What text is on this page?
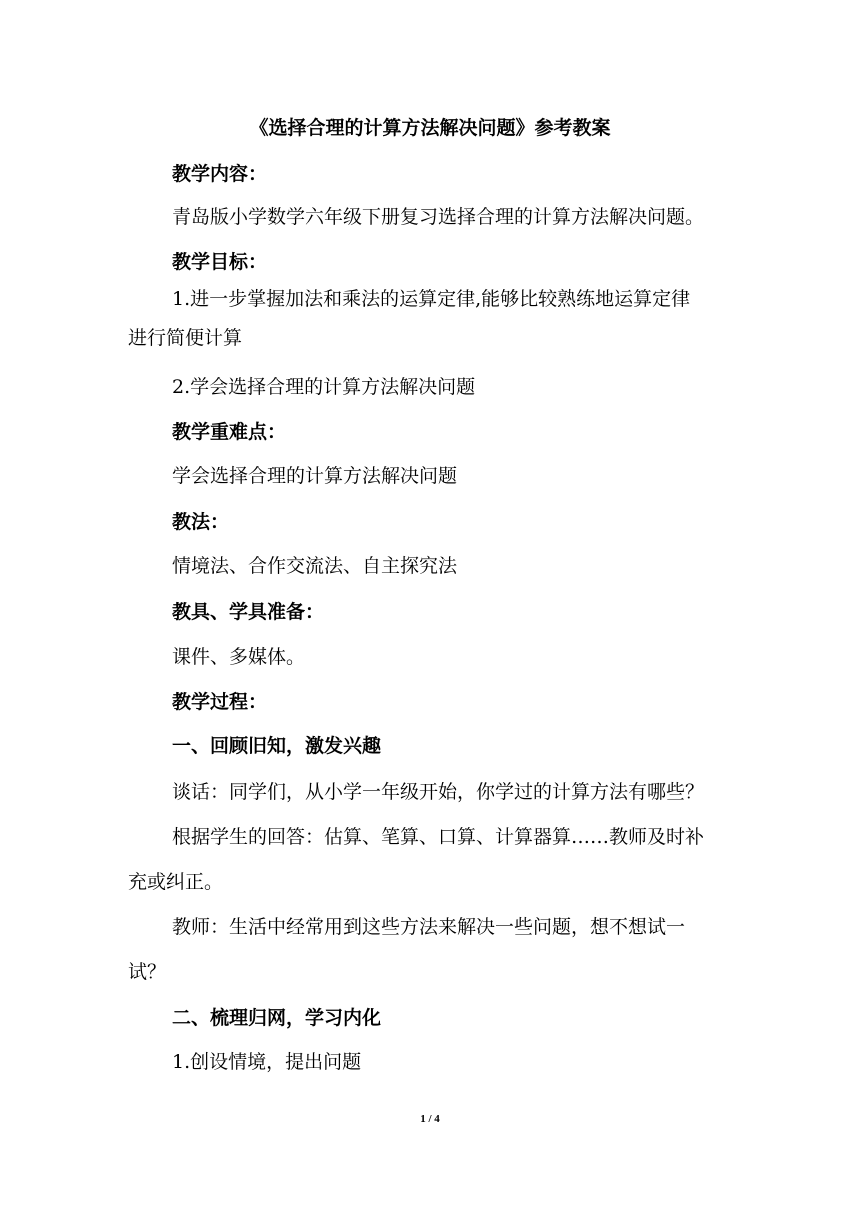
《选择合理的计算方法解决问题》参考教案
教学内容：
青岛版小学数学六年级下册复习选择合理的计算方法解决问题。
教学目标：
1.进一步掌握加法和乘法的运算定律,能够比较熟练地运算定律
进行简便计算
2.学会选择合理的计算方法解决问题
教学重难点：
学会选择合理的计算方法解决问题
教法：
情境法、合作交流法、自主探究法
教具、学具准备：
课件、多媒体。
教学过程：
一、回顾旧知，激发兴趣
谈话：同学们，从小学一年级开始，你学过的计算方法有哪些？
根据学生的回答：估算、笔算、口算、计算器算……教师及时补
充或纠正。
教师：生活中经常用到这些方法来解决一些问题，想不想试一
试？
二、梳理归网，学习内化
1.创设情境，提出问题
1 / 4
